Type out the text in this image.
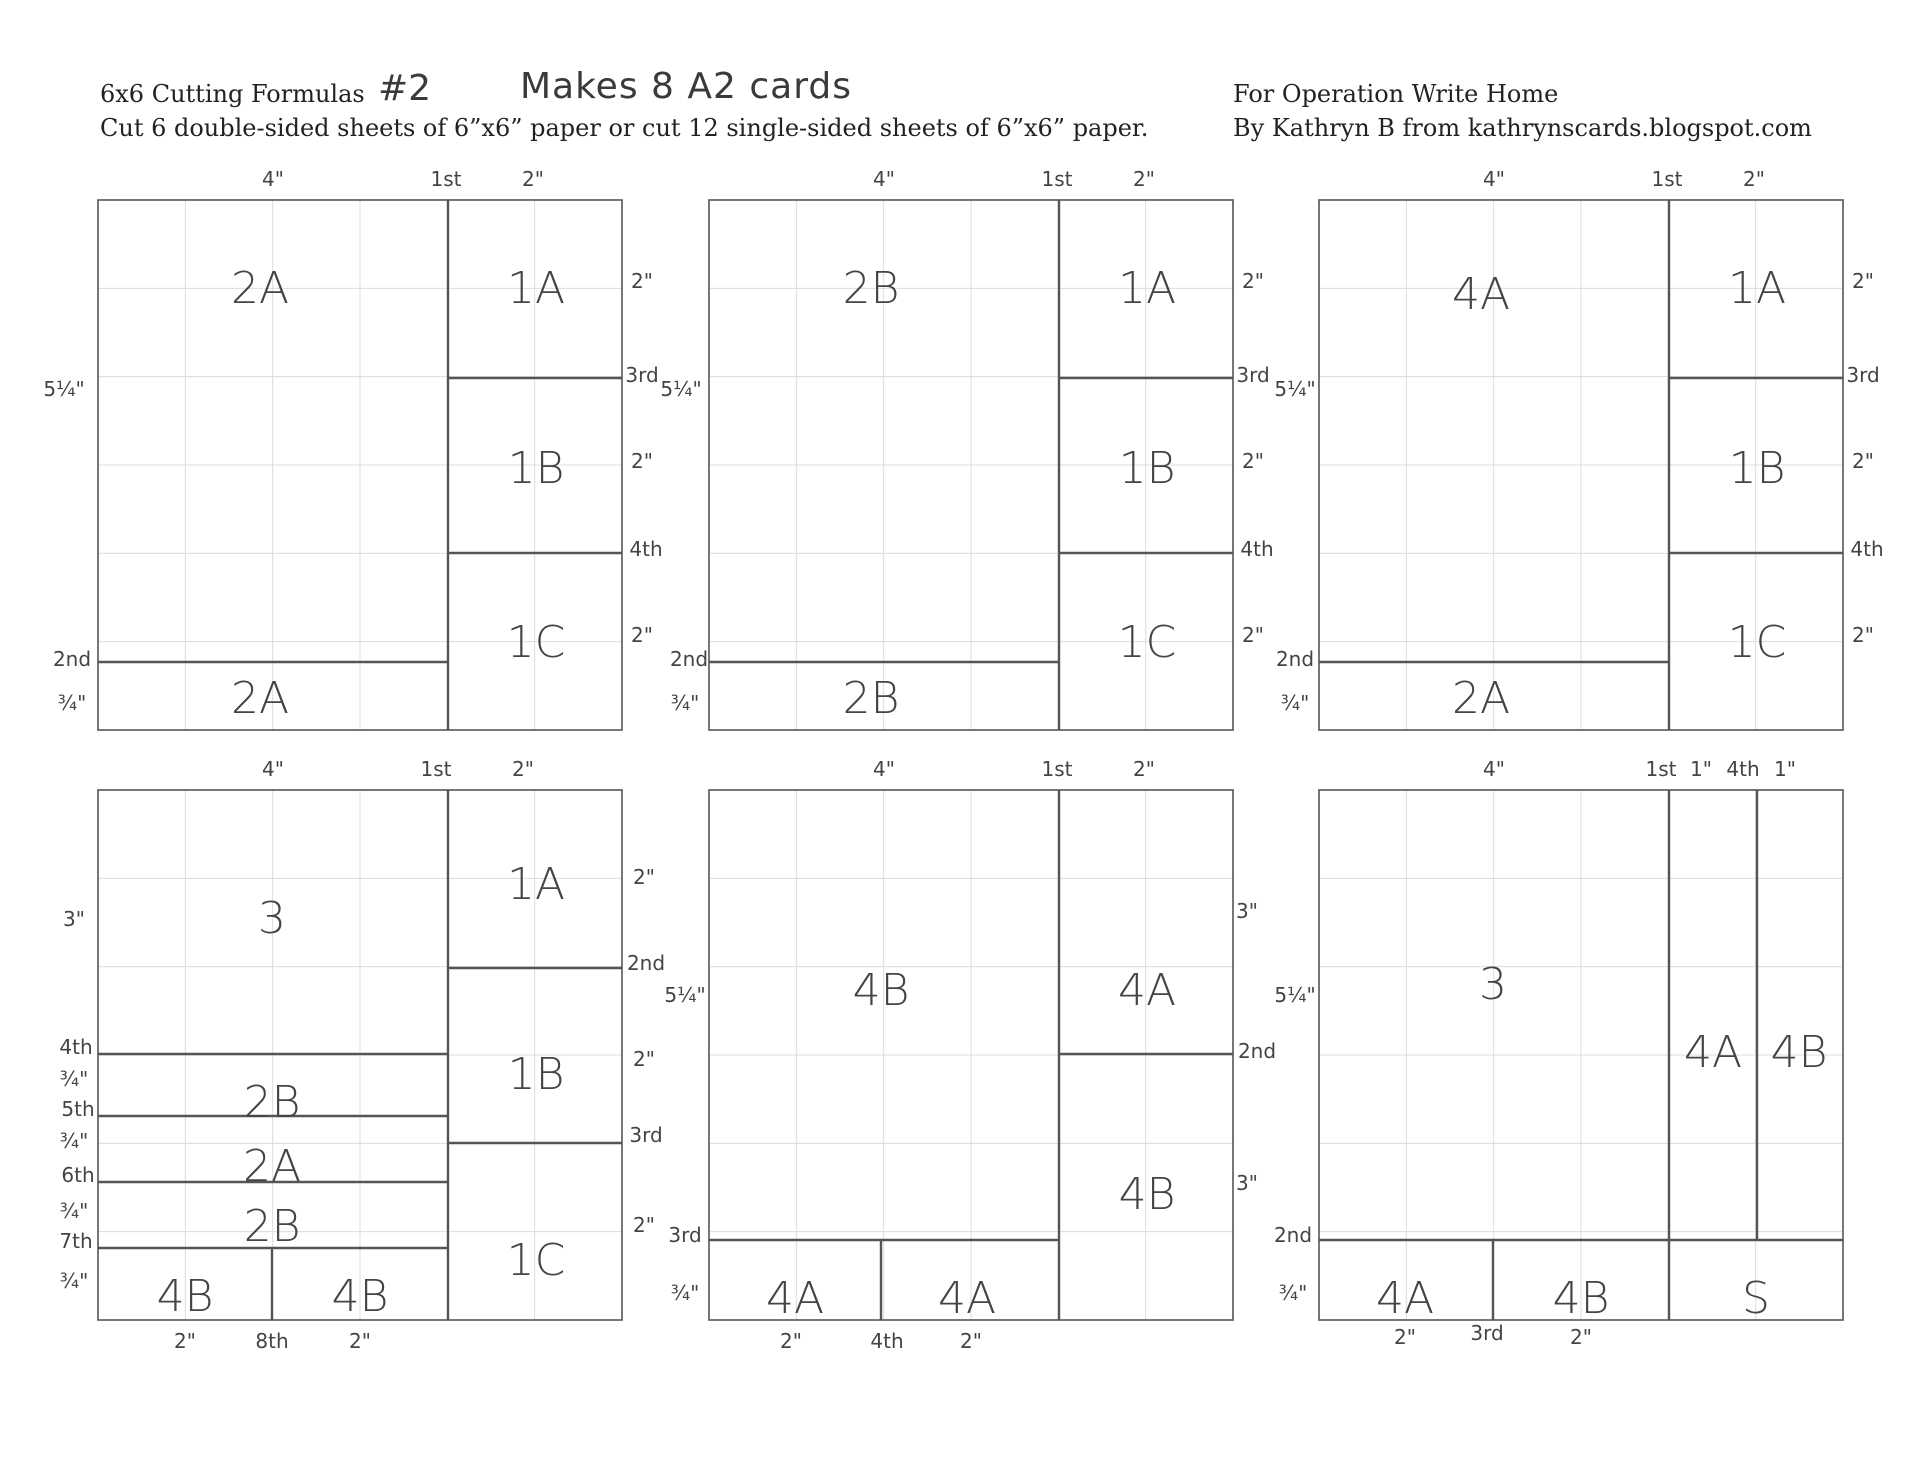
6x6 Cutting Formulas #2 Makes 8 A2 cards
Cut 6 double-sided sheets of 6”x6” paper or cut 12 single-sided sheets of 6”x6” paper.
For Operation Write Home
By Kathryn B from kathrynscards.blogspot.com
2A	1A
1B
1C
2A
2B	1A
1B
1C
2B
4A	1A
1B
1C
2A
3
1A
1B
1C
2B
2A
2B
4B	4B
4B	4A
4B
4A	4A
3
4A 4B
4A	4B	S
4"	1st	2"
2"
3rd
2"
4th
2"
5¼"
2nd
¾"
4"	1st	2"
2"
3rd
2"
4th
2"
5¼"
2nd
¾"
4"	1st	2"
2"
3rd
2"
4th
2"
5¼"
2nd
¾"
4"	1st	2"
2"
2nd
2"
3rd
2"
3"
4th
¾"
5th
¾"
6th
¾"
7th
¾"
2"	8th	2"
4"	1st	2"
3"
2nd
3"
5¼"
3rd
¾"
2"	4th	2"
4"	1st 1" 4th 1"
5¼"
2nd
¾"
2"	3rd	2"
